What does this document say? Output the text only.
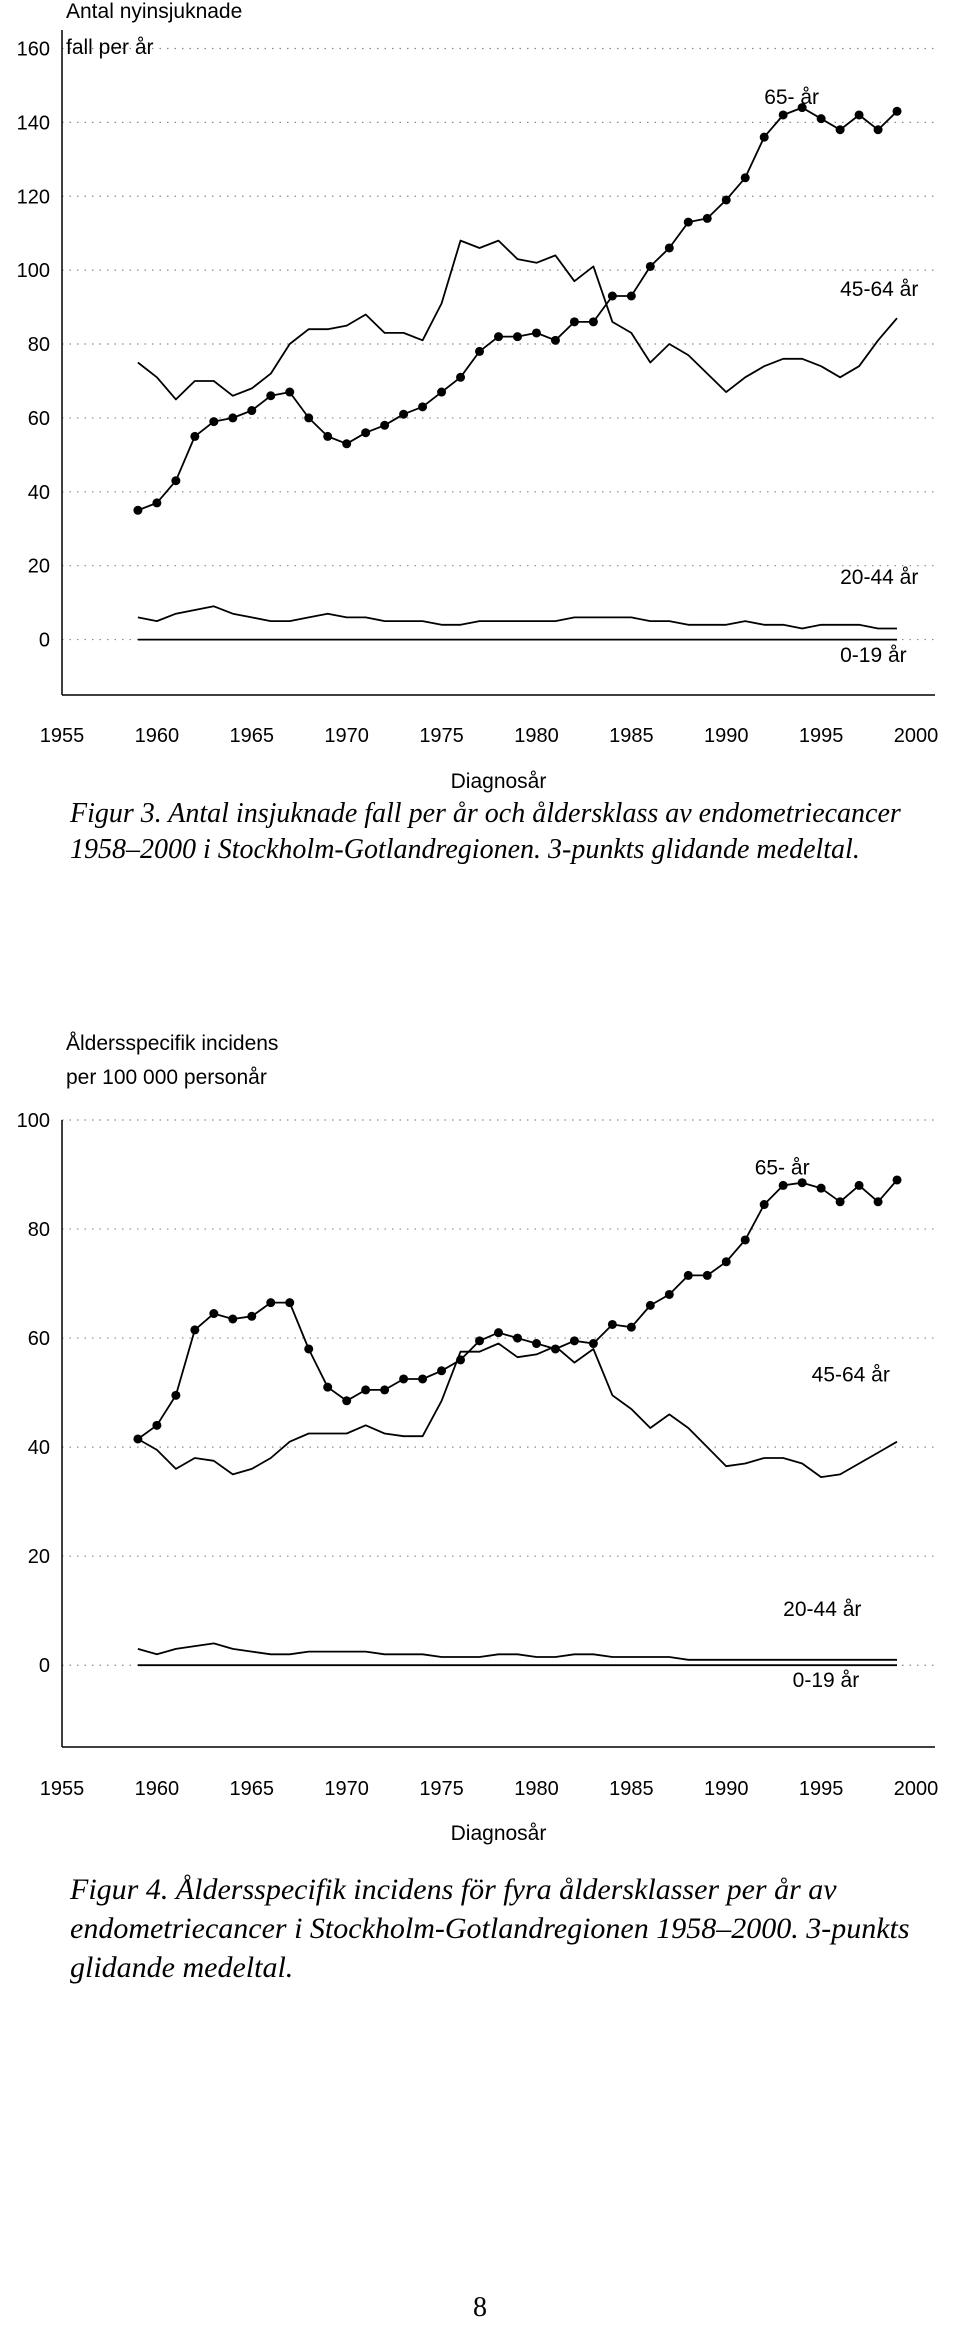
0
20
40
60
80
100
120
140
160
1955	1960	1965	1970	1975	1980	1985	1990	1995	2000
Diagnosår
Antal nyinsjuknade
fall per år
65- år
45-64 år
20-44 år
0-19 år
Figur 3. Antal insjuknade fall per år och åldersklass av endometriecancer 1958–2000 i Stockholm-Gotlandregionen. 3-punkts glidande medeltal.
0
20
40
60
80
100
1955	1960	1965	1970	1975	1980	1985	1990	1995	2000
Diagnosår
Åldersspecifik incidens
per 100 000 personår
65- år
45-64 år
20-44 år
0-19 år
Figur 4. Åldersspecifik incidens för fyra åldersklasser per år av endometriecancer i Stockholm-Gotlandregionen 1958–2000. 3-punkts glidande medeltal.
8
